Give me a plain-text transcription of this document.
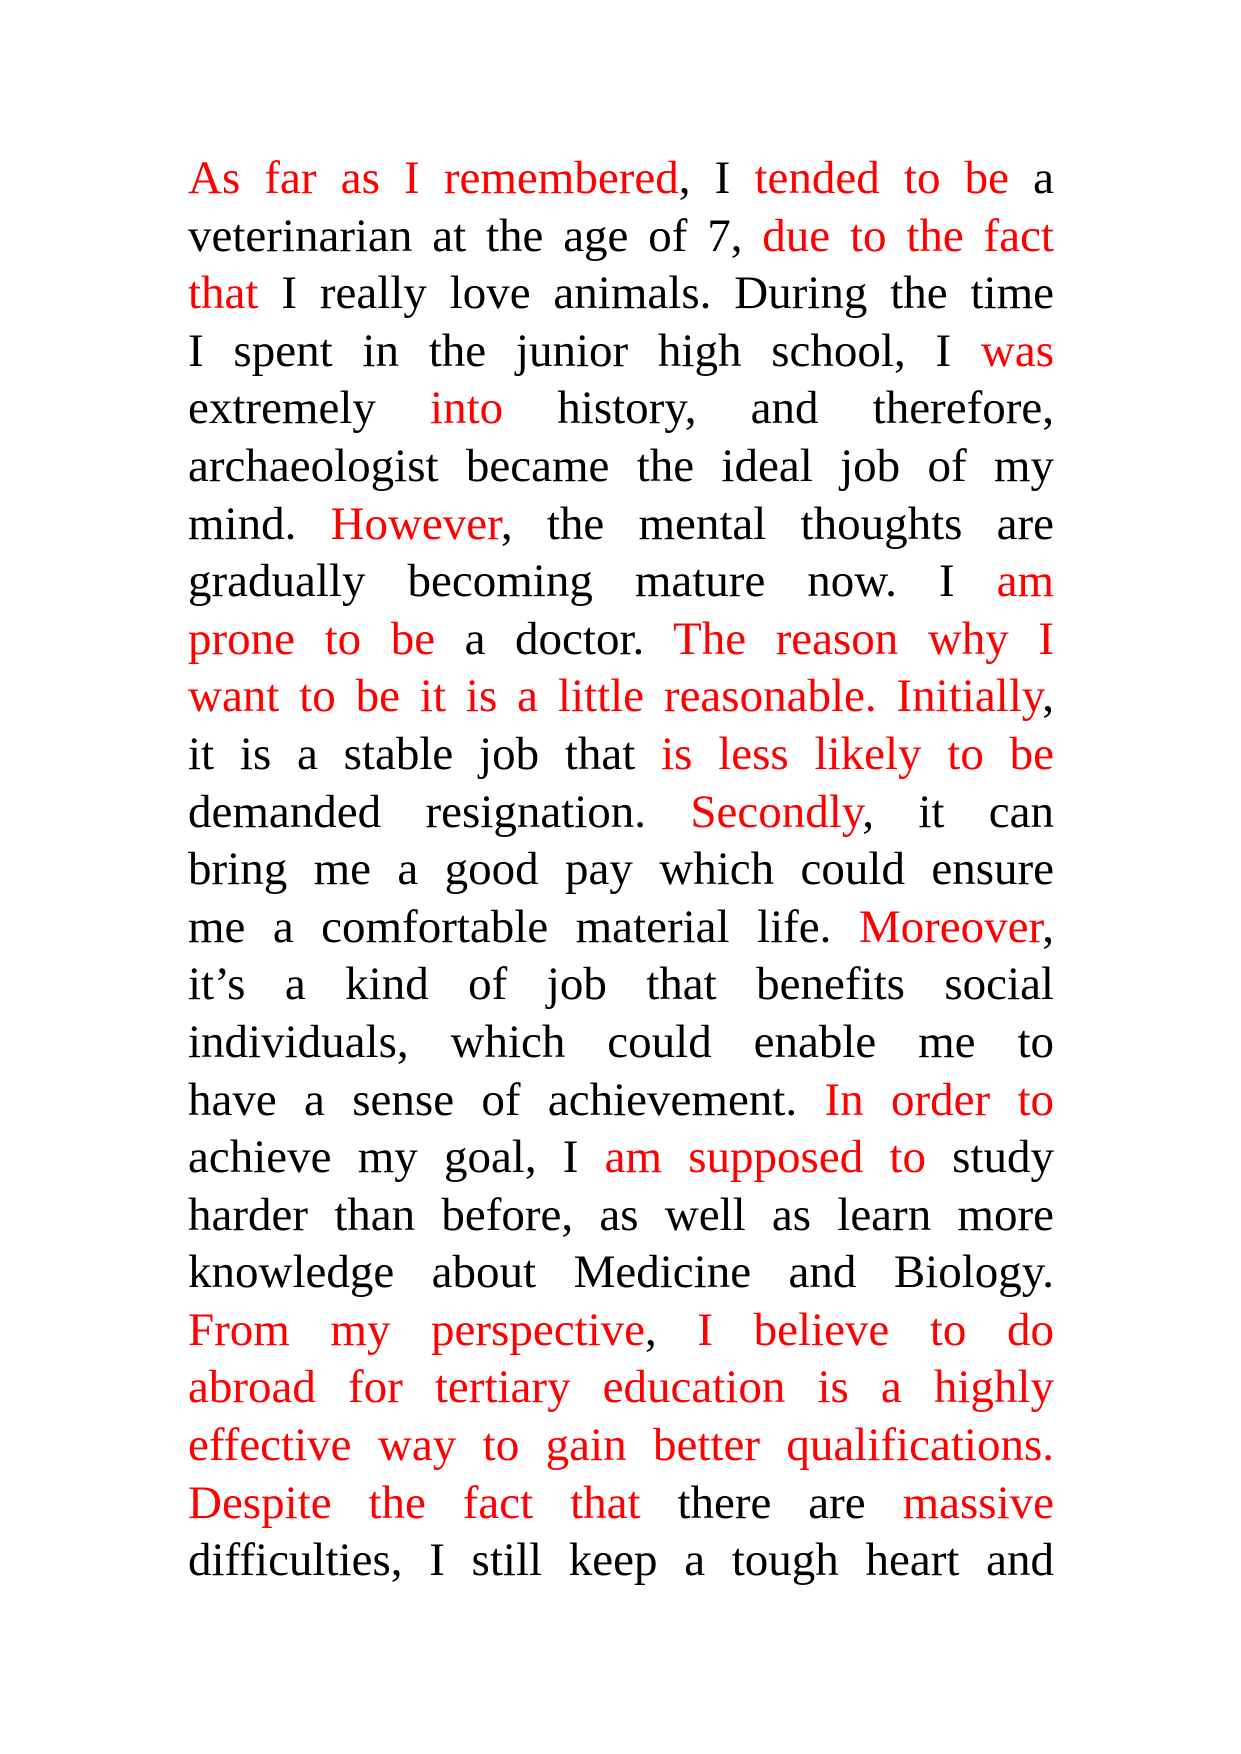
As far as I remembered, I tended to be a
veterinarian at the age of 7, due to the fact
that I really love animals. During the time
I spent in the junior high school, I was
extremely into history, and therefore,
archaeologist became the ideal job of my
mind. However, the mental thoughts are
gradually becoming mature now. I am
prone to be a doctor. The reason why I
want to be it is a little reasonable. Initially,
it is a stable job that is less likely to be
demanded resignation. Secondly, it can
bring me a good pay which could ensure
me a comfortable material life. Moreover,
it’s a kind of job that benefits social
individuals, which could enable me to
have a sense of achievement. In order to
achieve my goal, I am supposed to study
harder than before, as well as learn more
knowledge about Medicine and Biology.
From my perspective, I believe to do
abroad for tertiary education is a highly
effective way to gain better qualifications.
Despite the fact that there are massive
difficulties, I still keep a tough heart and
